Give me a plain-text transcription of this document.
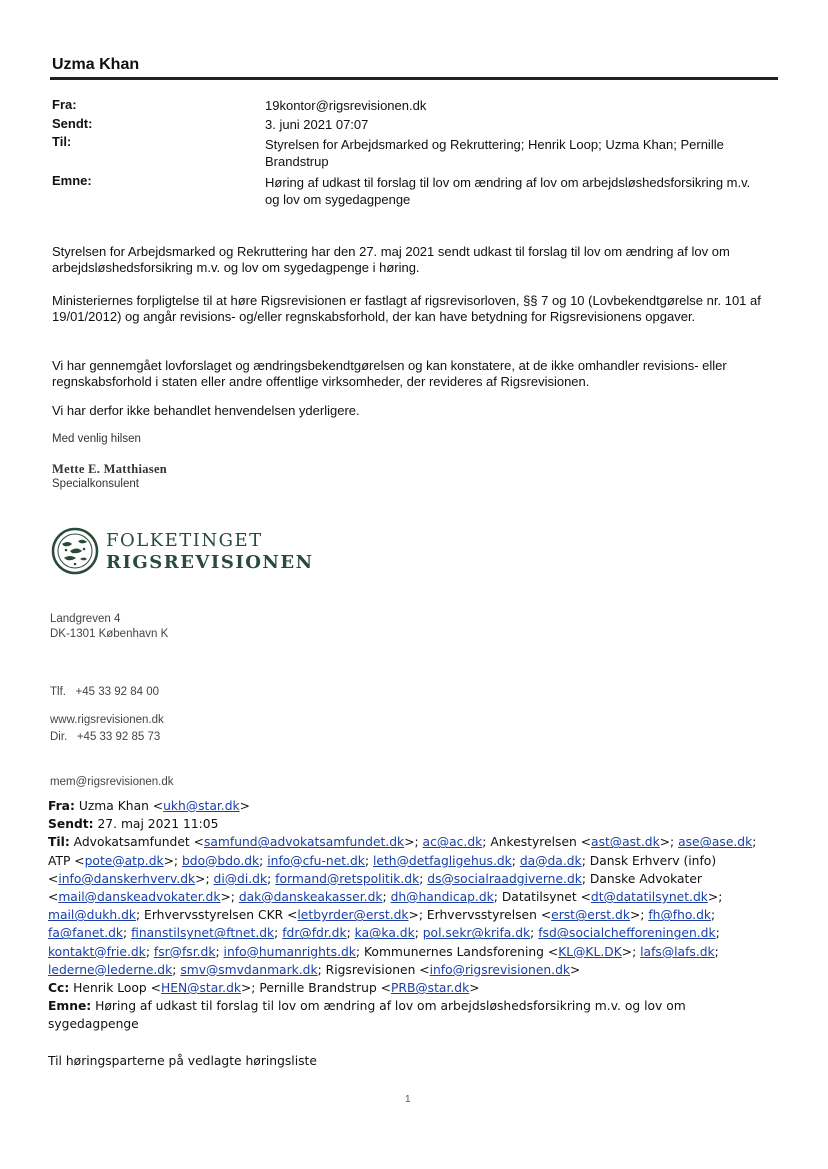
Uzma Khan
Fra:	19kontor@rigsrevisionen.dk
Sendt:	3. juni 2021 07:07
Til:	Styrelsen for Arbejdsmarked og Rekruttering; Henrik Loop; Uzma Khan; Pernille Brandstrup
Emne:	Høring af udkast til forslag til lov om ændring af lov om arbejdsløshedsforsikring m.v. og lov om sygedagpenge
Styrelsen for Arbejdsmarked og Rekruttering har den 27. maj 2021 sendt udkast til forslag til lov om ændring af lov om arbejdsløshedsforsikring m.v. og lov om sygedagpenge i høring.
Ministeriernes forpligtelse til at høre Rigsrevisionen er fastlagt af rigsrevisorloven, §§ 7 og 10 (Lovbekendtgørelse nr. 101 af 19/01/2012) og angår revisions- og/eller regnskabsforhold, der kan have betydning for Rigsrevisionens opgaver.
Vi har gennemgået lovforslaget og ændringsbekendtgørelsen og kan konstatere, at de ikke omhandler revisions- eller regnskabsforhold i staten eller andre offentlige virksomheder, der revideres af Rigsrevisionen.
Vi har derfor ikke behandlet henvendelsen yderligere.
Med venlig hilsen
Mette E. Matthiasen
Specialkonsulent
FOLKETINGET
RIGSREVISIONEN
Landgreven 4
DK-1301 København K

Tlf.   +45 33 92 84 00

Dir.   +45 33 92 85 73

mem@rigsrevisionen.dk

www.rigsrevisionen.dk
Fra: Uzma Khan <ukh@star.dk>
Sendt: 27. maj 2021 11:05
Til: Advokatsamfundet <samfund@advokatsamfundet.dk>; ac@ac.dk; Ankestyrelsen <ast@ast.dk>; ase@ase.dk; ATP <pote@atp.dk>; bdo@bdo.dk; info@cfu-net.dk; leth@detfagligehus.dk; da@da.dk; Dansk Erhverv (info) <info@danskerhverv.dk>; di@di.dk; formand@retspolitik.dk; ds@socialraadgiverne.dk; Danske Advokater <mail@danskeadvokater.dk>; dak@danskeakasser.dk; dh@handicap.dk; Datatilsynet <dt@datatilsynet.dk>; mail@dukh.dk; Erhvervsstyrelsen CKR <letbyrder@erst.dk>; Erhvervsstyrelsen <erst@erst.dk>; fh@fho.dk; fa@fanet.dk; finanstilsynet@ftnet.dk; fdr@fdr.dk; ka@ka.dk; pol.sekr@krifa.dk; fsd@socialchefforeningen.dk; kontakt@frie.dk; fsr@fsr.dk; info@humanrights.dk; Kommunernes Landsforening <KL@KL.DK>; lafs@lafs.dk; lederne@lederne.dk; smv@smvdanmark.dk; Rigsrevisionen <info@rigsrevisionen.dk>
Cc: Henrik Loop <HEN@star.dk>; Pernille Brandstrup <PRB@star.dk>
Emne: Høring af udkast til forslag til lov om ændring af lov om arbejdsløshedsforsikring m.v. og lov om sygedagpenge
Til høringsparterne på vedlagte høringsliste
1
